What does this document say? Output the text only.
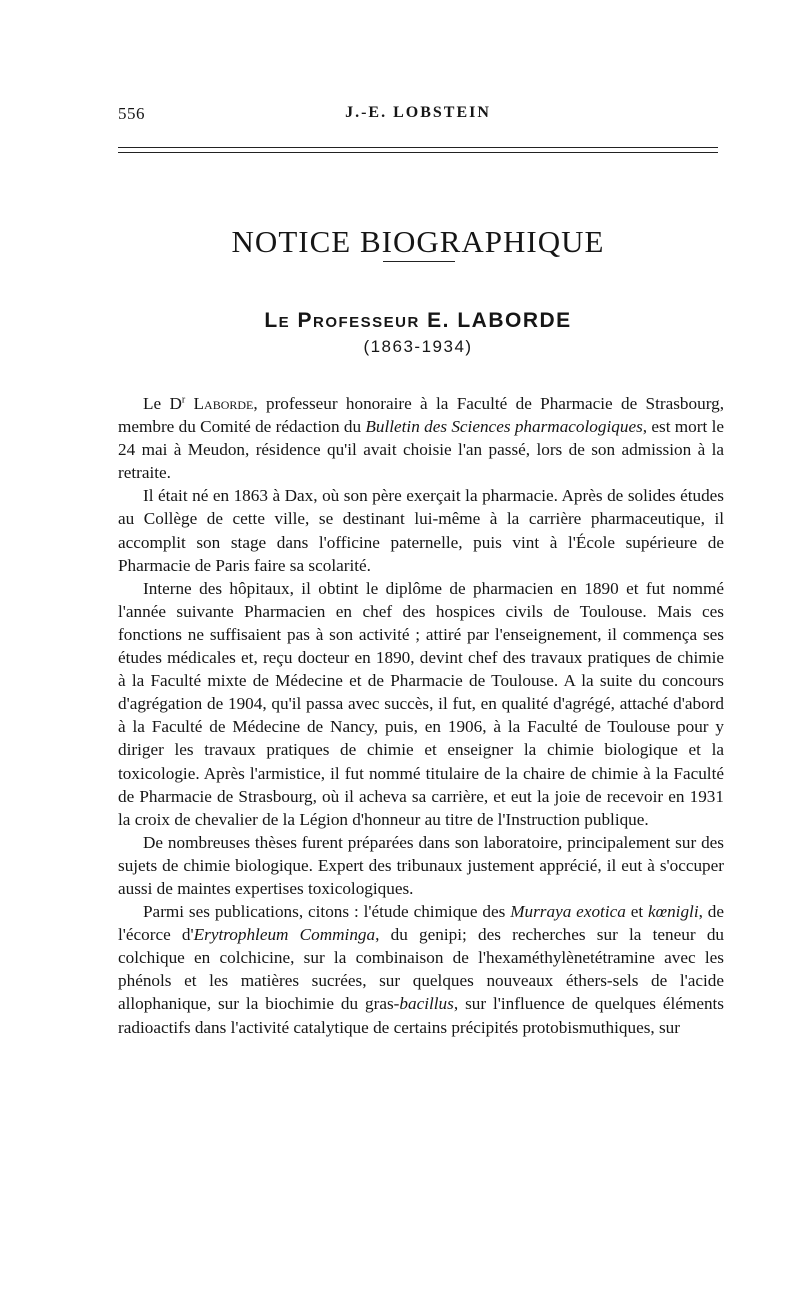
556	J.-E. LOBSTEIN
NOTICE BIOGRAPHIQUE
Le Professeur E. LABORDE
(1863-1934)

Le $D^r$ Laborde, professeur honoraire à la Faculté de Pharmacie de Strasbourg, membre du Comité de rédaction du Bulletin des Sciences pharmacologiques, est mort le 24 mai à Meudon, résidence qu'il avait choisie l'an passé, lors de son admission à la retraite.

Il était né en 1863 à Dax, où son père exerçait la pharmacie. Après de solides études au Collège de cette ville, se destinant lui-même à la carrière pharmaceutique, il accomplit son stage dans l'officine paternelle, puis vint à l'École supérieure de Pharmacie de Paris faire sa scolarité.

Interne des hôpitaux, il obtint le diplôme de pharmacien en 1890 et fut nommé l'année suivante Pharmacien en chef des hospices civils de Toulouse. Mais ces fonctions ne suffisaient pas à son activité ; attiré par l'enseignement, il commença ses études médicales et, reçu docteur en 1890, devint chef des travaux pratiques de chimie à la Faculté mixte de Médecine et de Pharmacie de Toulouse. A la suite du concours d'agrégation de 1904, qu'il passa avec succès, il fut, en qualité d'agrégé, attaché d'abord à la Faculté de Médecine de Nancy, puis, en 1906, à la Faculté de Toulouse pour y diriger les travaux pratiques de chimie et enseigner la chimie biologique et la toxicologie. Après l'armistice, il fut nommé titulaire de la chaire de chimie à la Faculté de Pharmacie de Strasbourg, où il acheva sa carrière, et eut la joie de recevoir en 1931 la croix de chevalier de la Légion d'honneur au titre de l'Instruction publique.

De nombreuses thèses furent préparées dans son laboratoire, principalement sur des sujets de chimie biologique. Expert des tribunaux justement apprécié, il eut à s'occuper aussi de maintes expertises toxicologiques.

Parmi ses publications, citons : l'étude chimique des Murraya exotica et kœnigli, de l'écorce d'Erytrophleum Comminga, du genipi; des recherches sur la teneur du colchique en colchicine, sur la combinaison de l'hexaméthylènetétramine avec les phénols et les matières sucrées, sur quelques nouveaux éthers-sels de l'acide allophanique, sur la biochimie du gras-bacillus, sur l'influence de quelques éléments radioactifs dans l'activité catalytique de certains précipités protobismuthiques, sur
